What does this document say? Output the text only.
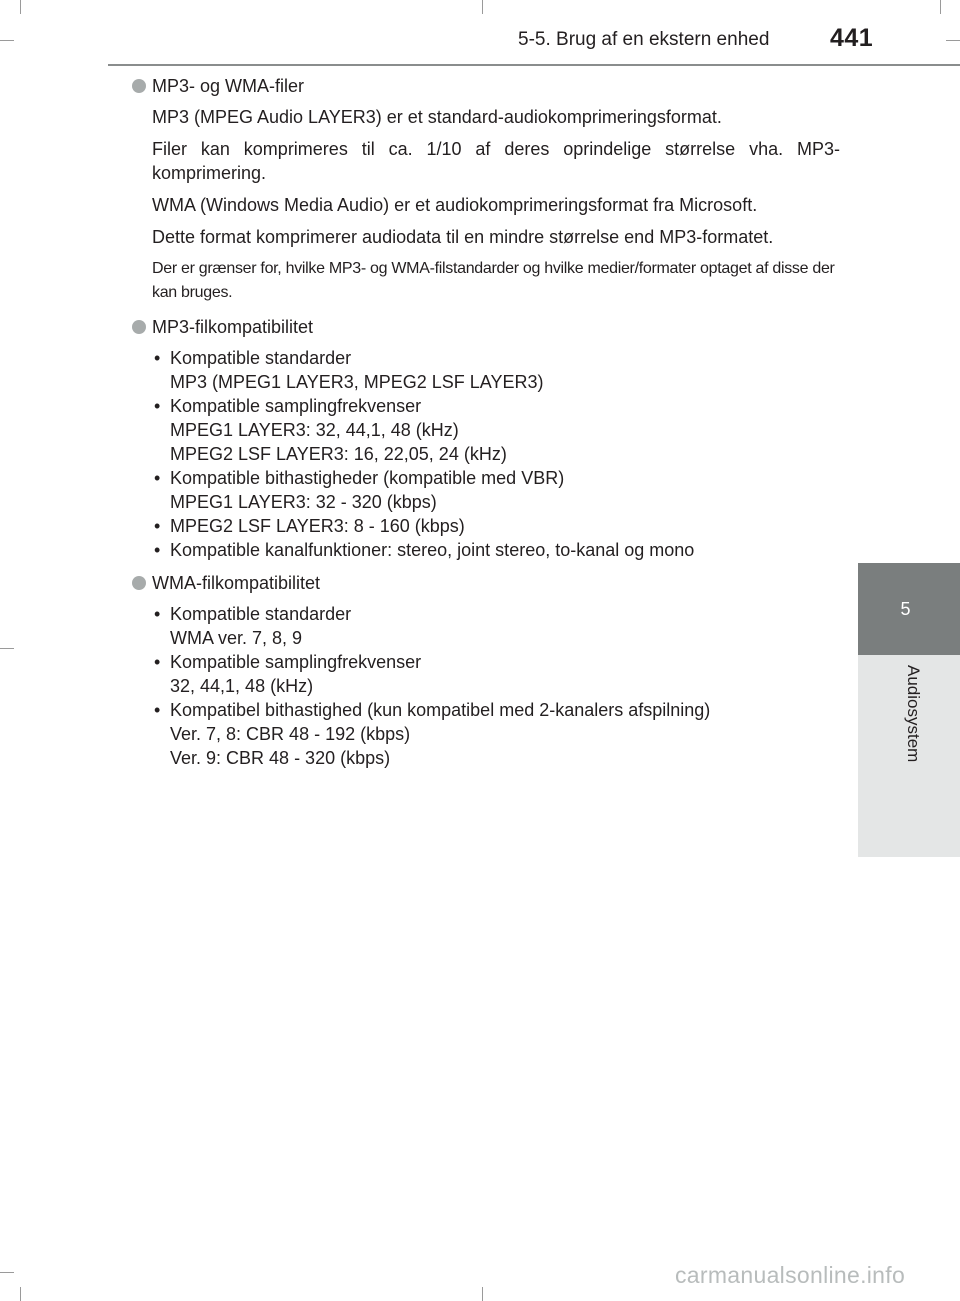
5-5. Brug af en ekstern enhed 441
5
Audiosystem
MP3- og WMA-filer
MP3 (MPEG Audio LAYER3) er et standard-audiokomprimeringsformat.
Filer kan komprimeres til ca. 1/10 af deres oprindelige størrelse vha. MP3-komprimering.
WMA (Windows Media Audio) er et audiokomprimeringsformat fra Microsoft.
Dette format komprimerer audiodata til en mindre størrelse end MP3-formatet.
Der er grænser for, hvilke MP3- og WMA-filstandarder og hvilke medier/formater optaget af disse der kan bruges.
MP3-filkompatibilitet
• Kompatible standarder
MP3 (MPEG1 LAYER3, MPEG2 LSF LAYER3)
• Kompatible samplingfrekvenser
MPEG1 LAYER3: 32, 44,1, 48 (kHz)
MPEG2 LSF LAYER3: 16, 22,05, 24 (kHz)
• Kompatible bithastigheder (kompatible med VBR)
MPEG1 LAYER3: 32 - 320 (kbps)
• MPEG2 LSF LAYER3: 8 - 160 (kbps)
• Kompatible kanalfunktioner: stereo, joint stereo, to-kanal og mono
WMA-filkompatibilitet
• Kompatible standarder
WMA ver. 7, 8, 9
• Kompatible samplingfrekvenser
32, 44,1, 48 (kHz)
• Kompatibel bithastighed (kun kompatibel med 2-kanalers afspilning)
Ver. 7, 8: CBR 48 - 192 (kbps)
Ver. 9: CBR 48 - 320 (kbps)
carmanualsonline.info
